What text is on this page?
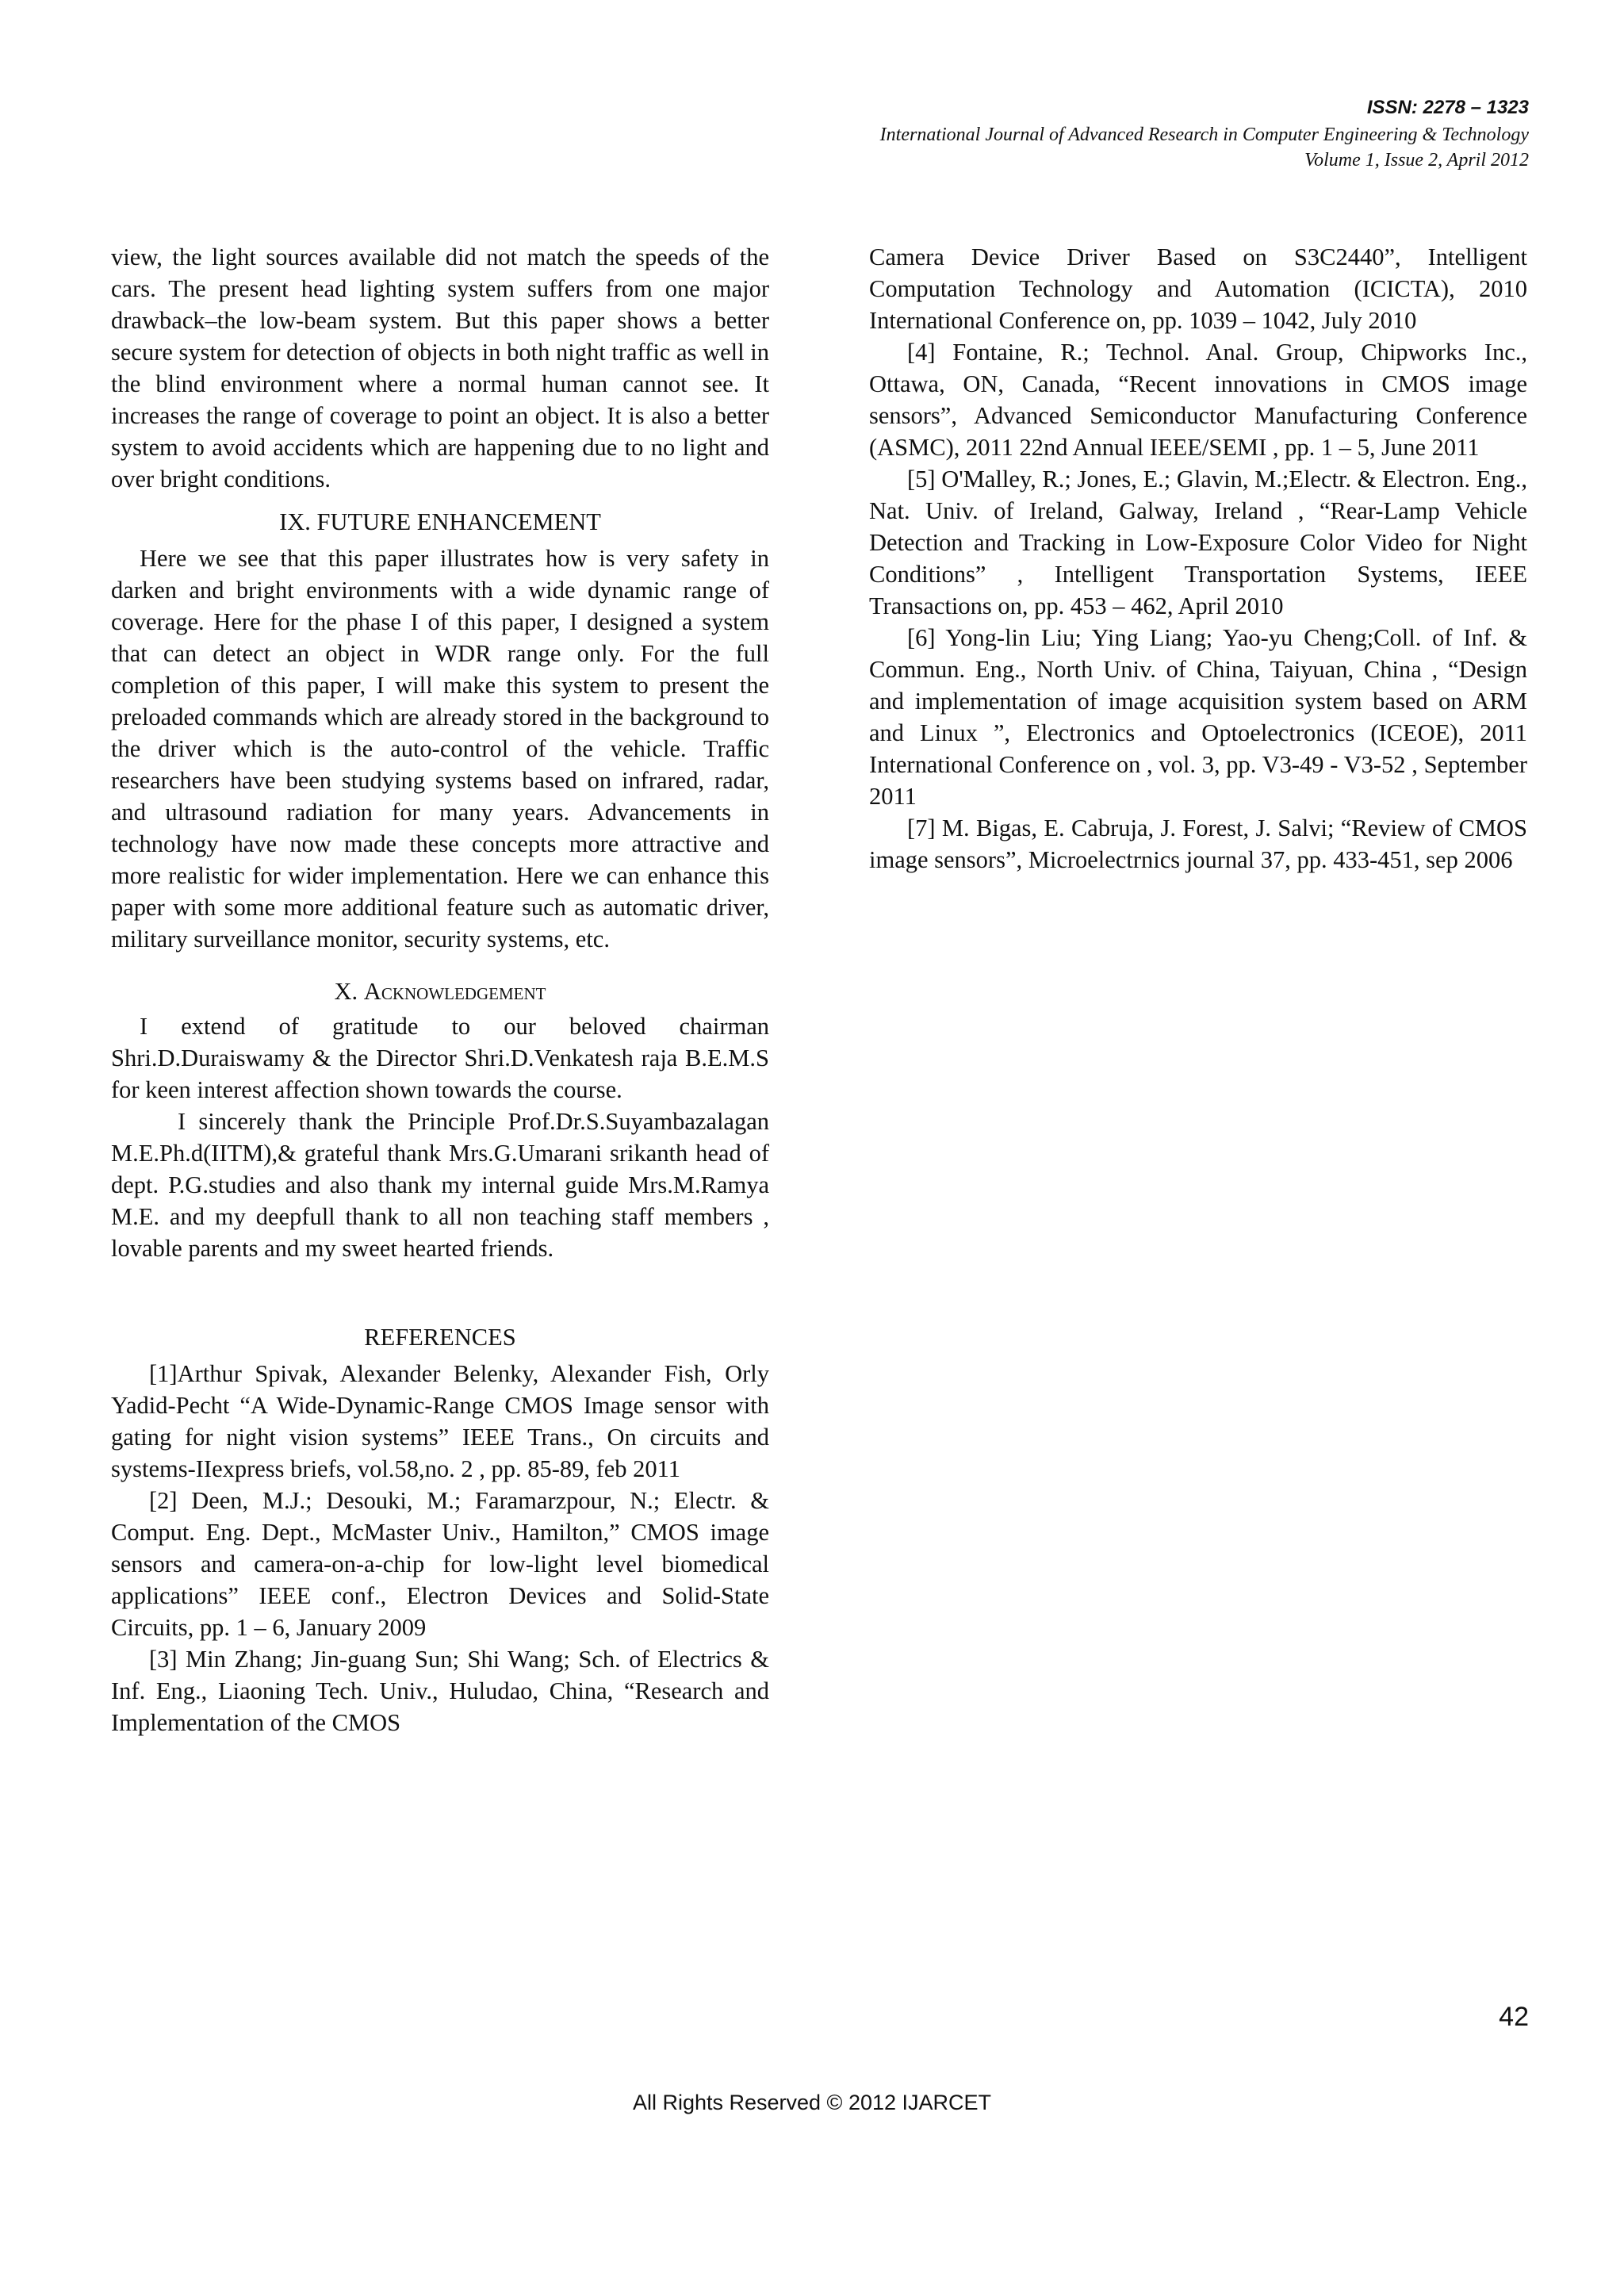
ISSN: 2278 – 1323
International Journal of Advanced Research in Computer Engineering & Technology
Volume 1, Issue 2, April 2012

view, the light sources available did not match the speeds of the cars. The present head lighting system suffers from one major drawback–the low-beam system. But this paper shows a better secure system for detection of objects in both night traffic as well in the blind environment where a normal human cannot see. It increases the range of coverage to point an object. It is also a better system to avoid accidents which are happening due to no light and over bright conditions.

IX. FUTURE ENHANCEMENT

Here we see that this paper illustrates how is very safety in darken and bright environments with a wide dynamic range of coverage. Here for the phase I of this paper, I designed a system that can detect an object in WDR range only. For the full completion of this paper, I will make this system to present the preloaded commands which are already stored in the background to the driver which is the auto-control of the vehicle. Traffic researchers have been studying systems based on infrared, radar, and ultrasound radiation for many years. Advancements in technology have now made these concepts more attractive and more realistic for wider implementation. Here we can enhance this paper with some more additional feature such as automatic driver, military surveillance monitor, security systems, etc.

X. Acknowledgement

I extend of gratitude to our beloved chairman Shri.D.Duraiswamy & the Director Shri.D.Venkatesh raja B.E.M.S for keen interest affection shown towards the course.

I sincerely thank the Principle Prof.Dr.S.Suyambazalagan M.E.Ph.d(IITM),& grateful thank Mrs.G.Umarani srikanth head of dept. P.G.studies and also thank my internal guide Mrs.M.Ramya M.E. and my deepfull thank to all non teaching staff members , lovable parents and my sweet hearted friends.

REFERENCES

[1]Arthur Spivak, Alexander Belenky, Alexander Fish, Orly Yadid-Pecht “A Wide-Dynamic-Range CMOS Image sensor with gating for night vision systems” IEEE Trans., On circuits and systems-IIexpress briefs, vol.58,no. 2 , pp. 85-89, feb 2011

[2] Deen, M.J.; Desouki, M.; Faramarzpour, N.; Electr. & Comput. Eng. Dept., McMaster Univ., Hamilton,” CMOS image sensors and camera-on-a-chip for low-light level biomedical applications” IEEE conf., Electron Devices and Solid-State Circuits, pp. 1 – 6, January 2009

[3] Min Zhang; Jin-guang Sun; Shi Wang; Sch. of Electrics & Inf. Eng., Liaoning Tech. Univ., Huludao, China, “Research and Implementation of the CMOS

Camera Device Driver Based on S3C2440”, Intelligent Computation Technology and Automation (ICICTA), 2010 International Conference on, pp. 1039 – 1042, July 2010

[4] Fontaine, R.; Technol. Anal. Group, Chipworks Inc., Ottawa, ON, Canada, “Recent innovations in CMOS image sensors”, Advanced Semiconductor Manufacturing Conference (ASMC), 2011 22nd Annual IEEE/SEMI , pp. 1 – 5, June 2011

[5] O'Malley, R.; Jones, E.; Glavin, M.;Electr. & Electron. Eng., Nat. Univ. of Ireland, Galway, Ireland , “Rear-Lamp Vehicle Detection and Tracking in Low-Exposure Color Video for Night Conditions” , Intelligent Transportation Systems, IEEE Transactions on, pp. 453 – 462, April 2010

[6] Yong-lin Liu; Ying Liang; Yao-yu Cheng;Coll. of Inf. & Commun. Eng., North Univ. of China, Taiyuan, China , “Design and implementation of image acquisition system based on ARM and Linux ”, Electronics and Optoelectronics (ICEOE), 2011 International Conference on , vol. 3, pp. V3-49 - V3-52 , September 2011

[7] M. Bigas, E. Cabruja, J. Forest, J. Salvi; “Review of CMOS image sensors”, Microelectrnics journal 37, pp. 433-451, sep 2006

42
All Rights Reserved © 2012 IJARCET
